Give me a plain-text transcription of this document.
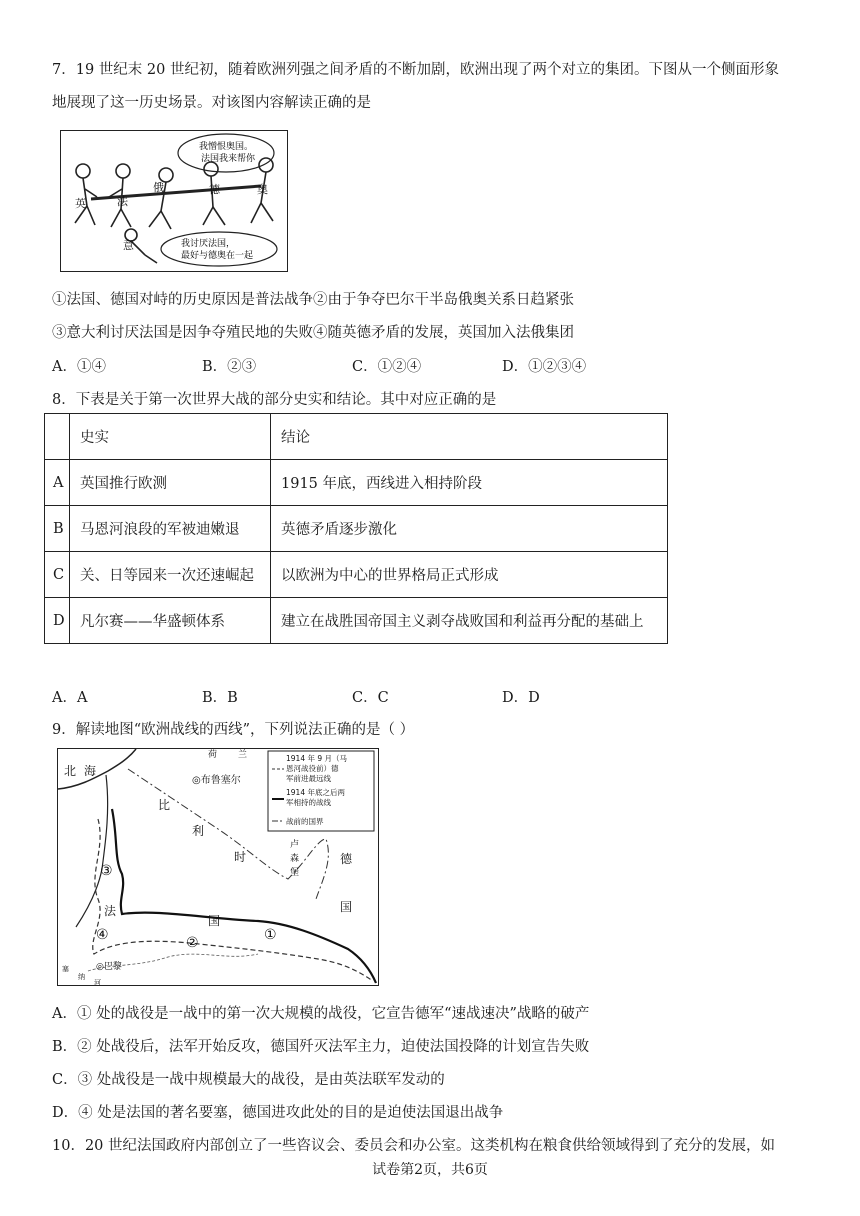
7．19 世纪末 20 世纪初，随着欧洲列强之间矛盾的不断加剧，欧洲出现了两个对立的集团。下图从一个侧面形象
地展现了这一历史场景。对该图内容解读正确的是
我憎恨奥国。
法国我来帮你
我讨厌法国，
最好与德奥在一起
英	法
俄	德	奥
意
①法国、德国对峙的历史原因是普法战争②由于争夺巴尔干半岛俄奥关系日趋紧张
③意大利讨厌法国是因争夺殖民地的失败④随英德矛盾的发展，英国加入法俄集团
A．①④	B．②③	C．①②④	D．①②③④
8．下表是关于第一次世界大战的部分史实和结论。其中对应正确的是
	史实	结论
A	英国推行欧测	1915 年底，西线进入相持阶段
B	马恩河浪段的军被迪嫩退	英德矛盾逐步激化
C	关、日等园来一次还速崛起	以欧洲为中心的世界格局正式形成
D	凡尔赛——华盛顿体系	建立在战胜国帝国主义剥夺战败国和利益再分配的基础上
A．A	B．B	C．C	D．D
9．解读地图“欧洲战线的西线”，下列说法正确的是（ ）
1914 年 9 月（马
恩河战役前）德
军前进最远线
1914 年底之后两
军相持的战线
战前的国界
北 海
荷 兰
◎布鲁塞尔
比
利
时
卢
森
堡
德
国
法
国
◎巴黎
塞
纳
河
①
②
③
④
A．① 处的战役是一战中的第一次大规模的战役，它宣告德军“速战速决”战略的破产
B．② 处战役后，法军开始反攻，德国歼灭法军主力，迫使法国投降的计划宣告失败
C．③ 处战役是一战中规模最大的战役，是由英法联军发动的
D．④ 处是法国的著名要塞，德国进攻此处的目的是迫使法国退出战争
10．20 世纪法国政府内部创立了一些咨议会、委员会和办公室。这类机构在粮食供给领域得到了充分的发展，如
试卷第2页，共6页
